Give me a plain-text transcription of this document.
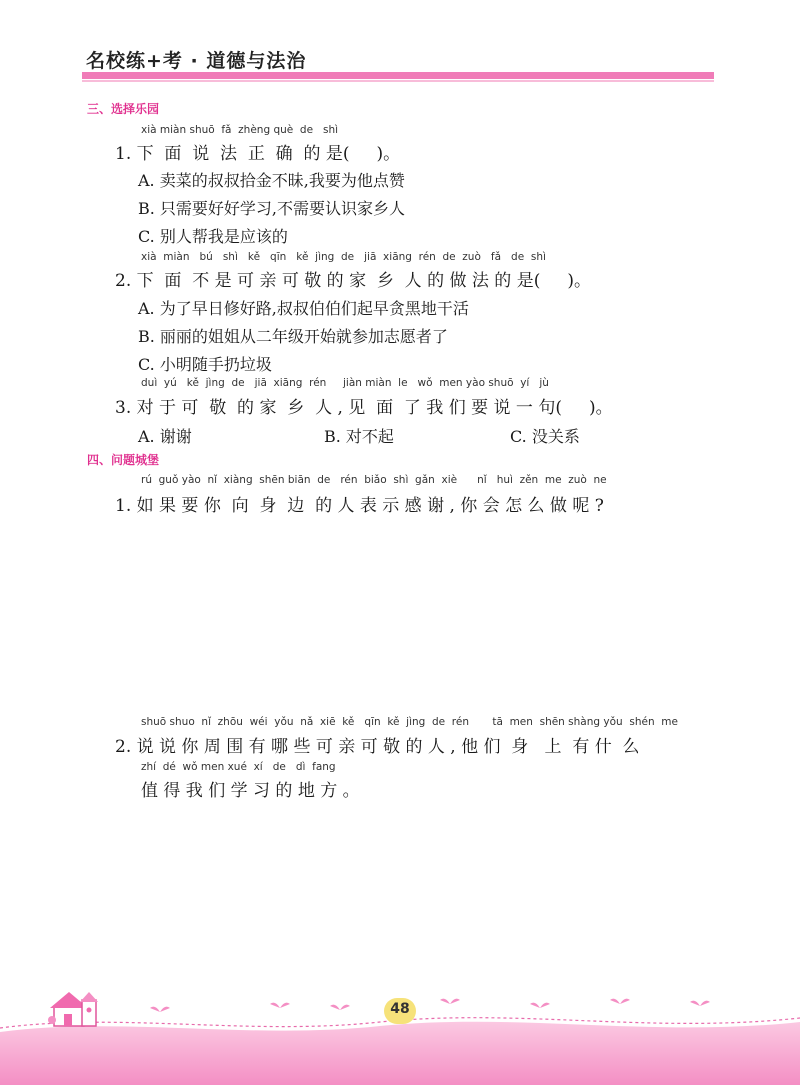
名校练+考 · 道德与法治
三、选择乐园
xià miàn shuō  fǎ  zhèng què  de   shì
1. 下  面  说  法  正  确  的 是(     )。
A. 卖菜的叔叔拾金不昧,我要为他点赞
B. 只需要好好学习,不需要认识家乡人
C. 别人帮我是应该的
xià  miàn   bú   shì   kě   qīn   kě  jìng  de   jiā  xiāng  rén  de  zuò   fǎ   de  shì
2. 下  面  不 是 可 亲 可 敬 的 家  乡  人 的 做 法 的 是(     )。
A. 为了早日修好路,叔叔伯伯们起早贪黑地干活
B. 丽丽的姐姐从二年级开始就参加志愿者了
C. 小明随手扔垃圾
duì  yú   kě  jìng  de   jiā  xiāng  rén     jiàn miàn  le   wǒ  men yào shuō  yí   jù
3. 对 于 可  敬  的 家  乡  人 , 见  面  了 我 们 要 说 一 句(     )。
A. 谢谢	B. 对不起	C. 没关系
四、问题城堡
rú  guǒ yào  nǐ  xiàng  shēn biān  de   rén  biǎo  shì  gǎn  xiè      nǐ   huì  zěn  me  zuò  ne
1. 如 果 要 你  向  身  边  的 人 表 示 感 谢 , 你 会 怎 么 做 呢 ?
shuō shuo  nǐ  zhōu  wéi  yǒu  nǎ  xiē  kě   qīn  kě  jìng  de  rén       tā  men  shēn shàng yǒu  shén  me
2. 说 说 你 周 围 有 哪 些 可 亲 可 敬 的 人 , 他 们  身   上  有 什  么
zhí  dé  wǒ men xué  xí   de   dì  fang
值 得 我 们 学 习 的 地 方 。
48
